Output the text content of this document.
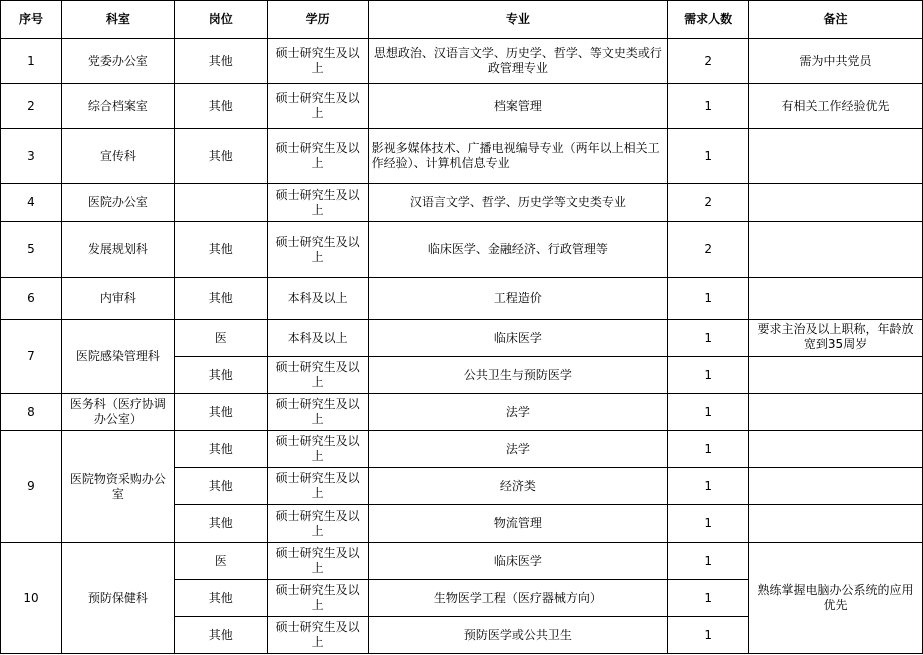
序号	科室	岗位	学历	专业	需求人数	备注
1	党委办公室	其他	硕士研究生及以上	思想政治、汉语言文学、历史学、哲学、等文史类或行政管理专业	2	需为中共党员
2	综合档案室	其他	硕士研究生及以上	档案管理	1	有相关工作经验优先
3	宣传科	其他	硕士研究生及以上	影视多媒体技术、广播电视编导专业（两年以上相关工作经验）、计算机信息专业	1	
4	医院办公室		硕士研究生及以上	汉语言文学、哲学、历史学等文史类专业	2	
5	发展规划科	其他	硕士研究生及以上	临床医学、金融经济、行政管理等	2	
6	内审科	其他	本科及以上	工程造价	1	
7	医院感染管理科	医	本科及以上	临床医学	1	要求主治及以上职称，年龄放宽到35周岁
		其他	硕士研究生及以上	公共卫生与预防医学	1	
8	医务科（医疗协调办公室）	其他	硕士研究生及以上	法学	1	
9	医院物资采购办公室	其他	硕士研究生及以上	法学	1	
		其他	硕士研究生及以上	经济类	1	
		其他	硕士研究生及以上	物流管理	1	
10	预防保健科	医	硕士研究生及以上	临床医学	1	熟练掌握电脑办公系统的应用优先
		其他	硕士研究生及以上	生物医学工程（医疗器械方向）	1	
		其他	硕士研究生及以上	预防医学或公共卫生	1	
